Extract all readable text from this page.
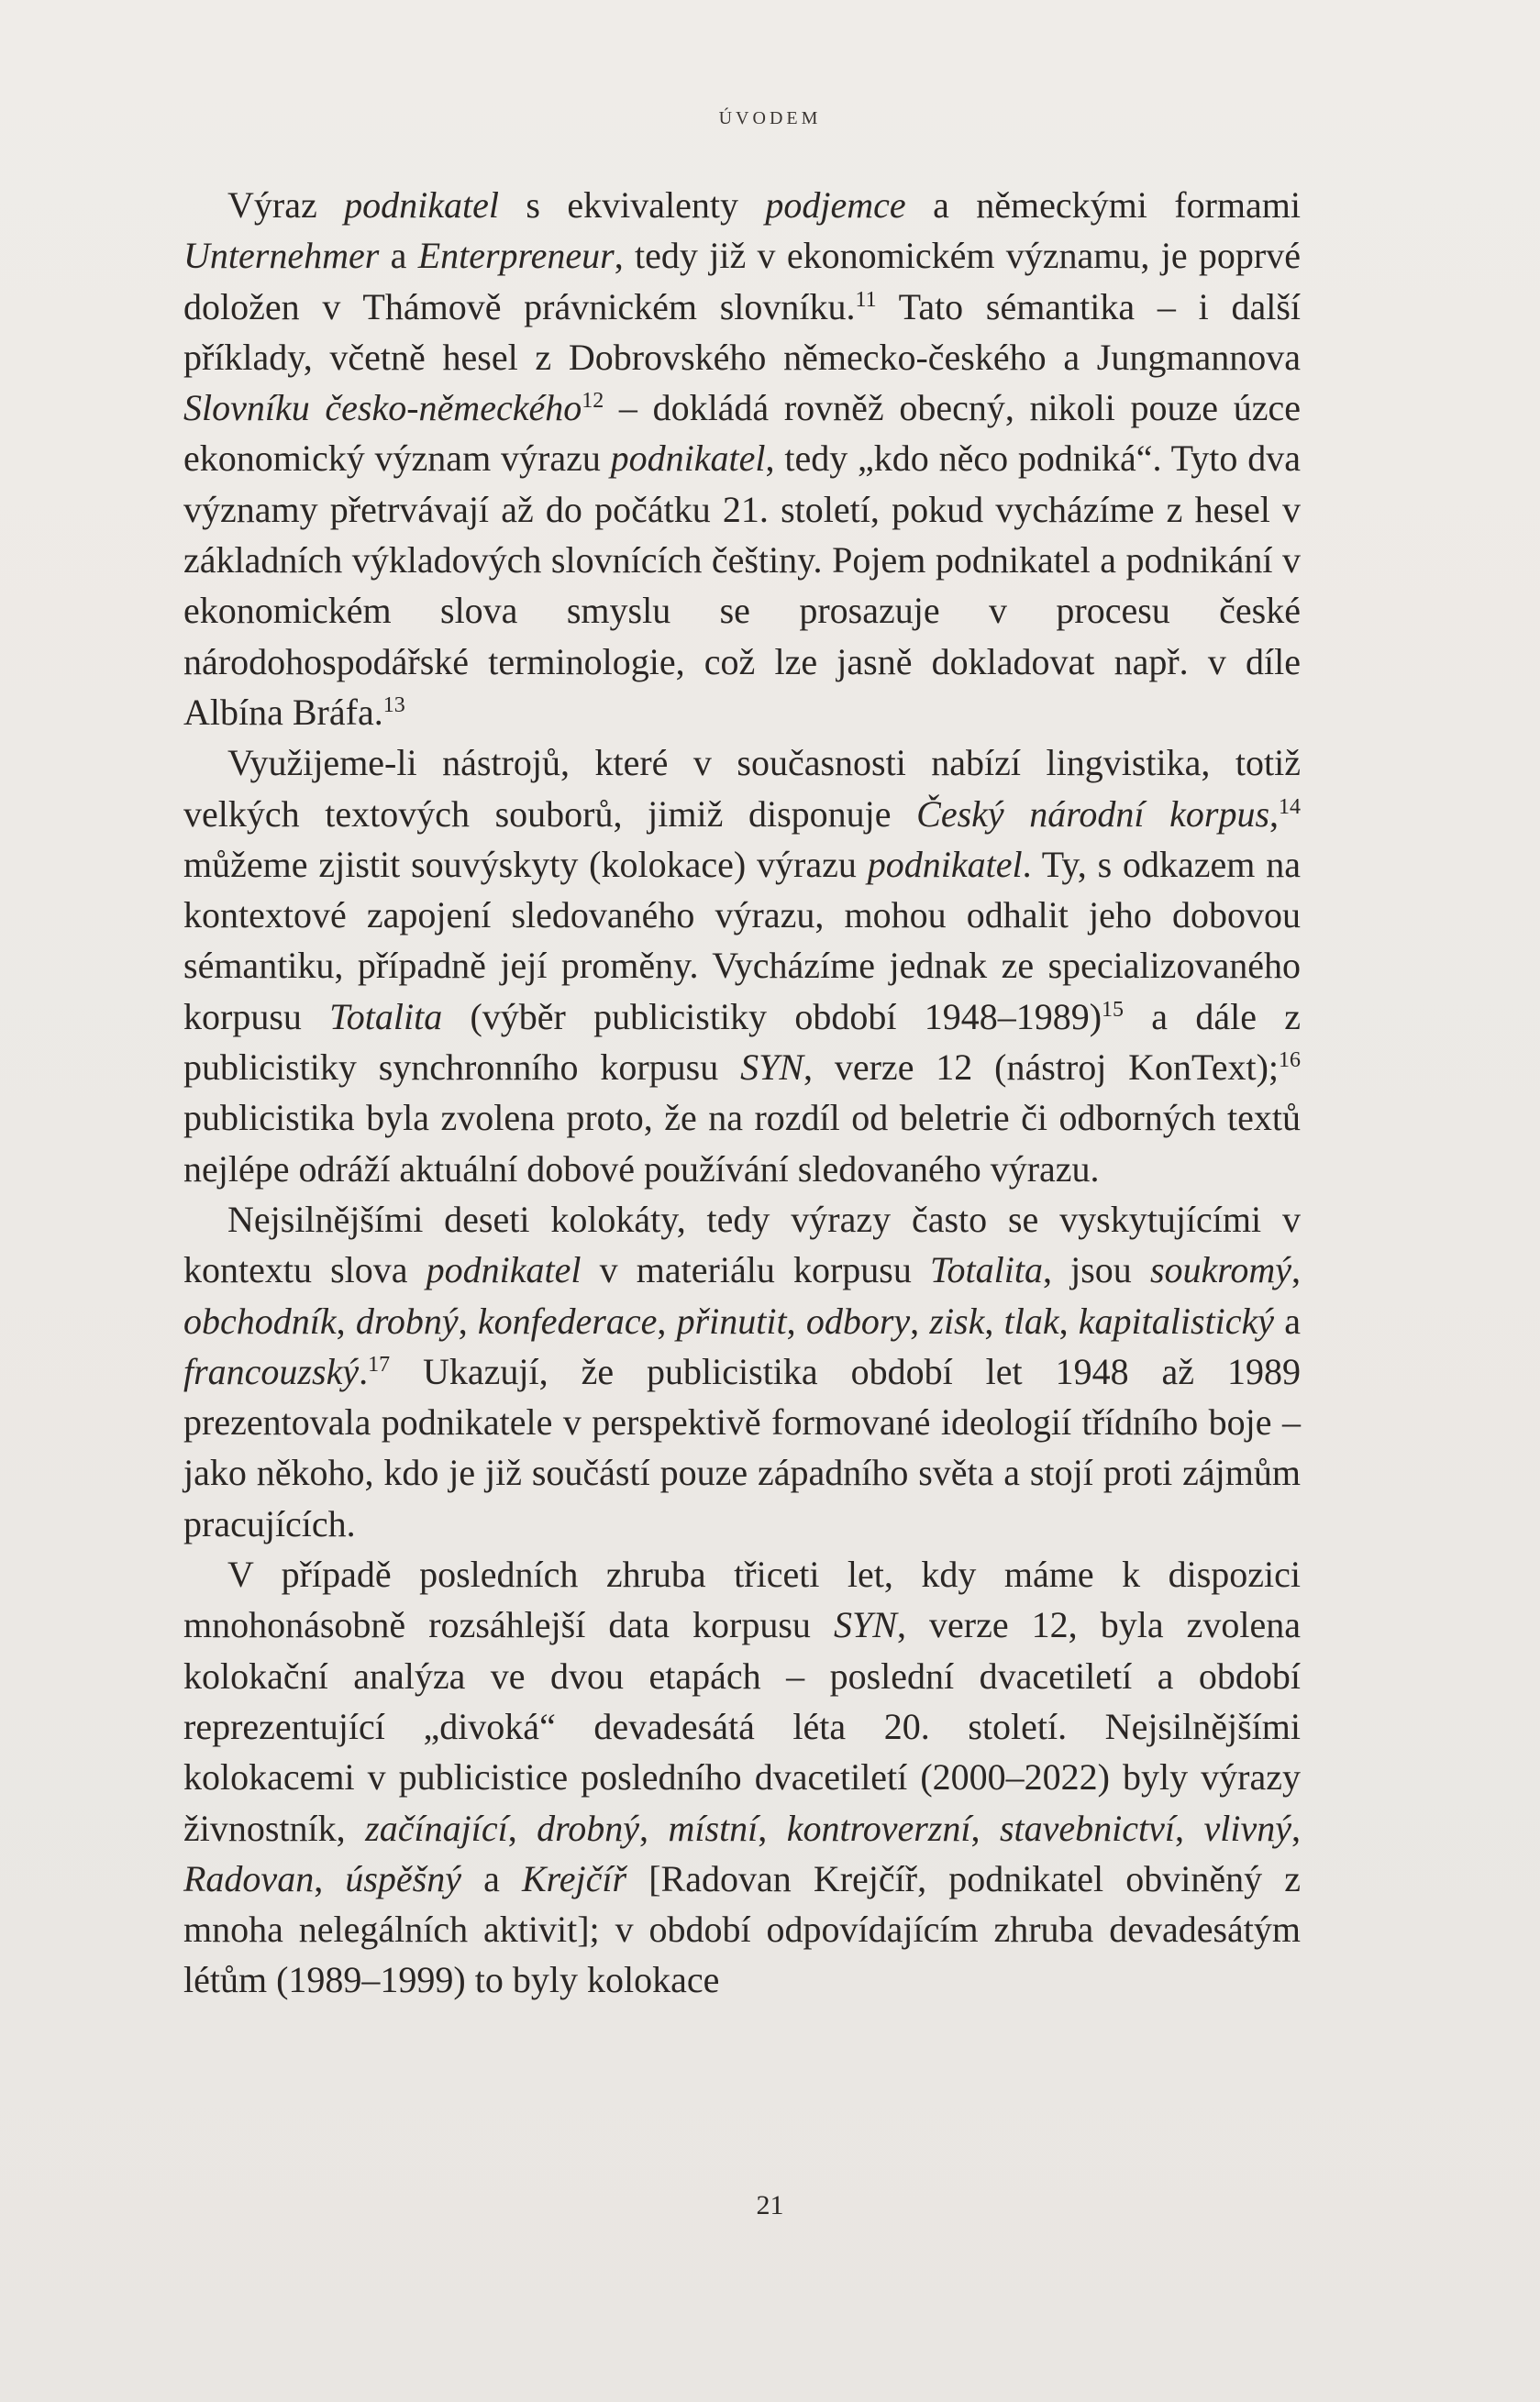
ÚVODEM

Výraz podnikatel s ekvivalenty podjemce a německými formami Unternehmer a Enterpreneur, tedy již v ekonomickém významu, je poprvé doložen v Thámově právnickém slovníku.$^{11}$ Tato sémantika – i další příklady, včetně hesel z Dobrovského německo-českého a Jungmannova Slovníku česko-německého$^{12}$ – dokládá rovněž obecný, nikoli pouze úzce ekonomický význam výrazu podnikatel, tedy „kdo něco podniká“. Tyto dva významy přetrvávají až do počátku 21. století, pokud vycházíme z hesel v základních výkladových slovnících češtiny. Pojem podnikatel a podnikání v ekonomickém slova smyslu se prosazuje v procesu české národohospodářské terminologie, což lze jasně dokladovat např. v díle Albína Bráfa.$^{13}$

Využijeme-li nástrojů, které v současnosti nabízí lingvistika, totiž velkých textových souborů, jimiž disponuje Český národní korpus,$^{14}$ můžeme zjistit souvýskyty (kolokace) výrazu podnikatel. Ty, s odkazem na kontextové zapojení sledovaného výrazu, mohou odhalit jeho dobovou sémantiku, případně její proměny. Vycházíme jednak ze specializovaného korpusu Totalita (výběr publicistiky období 1948–1989)$^{15}$ a dále z publicistiky synchronního korpusu SYN, verze 12 (nástroj KonText);$^{16}$ publicistika byla zvolena proto, že na rozdíl od beletrie či odborných textů nejlépe odráží aktuální dobové používání sledovaného výrazu.

Nejsilnějšími deseti kolokáty, tedy výrazy často se vyskytujícími v kontextu slova podnikatel v materiálu korpusu Totalita, jsou soukromý, obchodník, drobný, konfederace, přinutit, odbory, zisk, tlak, kapitalistický a francouzský.$^{17}$ Ukazují, že publicistika období let 1948 až 1989 prezentovala podnikatele v perspektivě formované ideologií třídního boje – jako někoho, kdo je již součástí pouze západního světa a stojí proti zájmům pracujících.

V případě posledních zhruba třiceti let, kdy máme k dispozici mnohonásobně rozsáhlejší data korpusu SYN, verze 12, byla zvolena kolokační analýza ve dvou etapách – poslední dvacetiletí a období reprezentující „divoká“ devadesátá léta 20. století. Nejsilnějšími kolokacemi v publicistice posledního dvacetiletí (2000–2022) byly výrazy živnostník, začínající, drobný, místní, kontroverzní, stavebnictví, vlivný, Radovan, úspěšný a Krejčíř [Radovan Krejčíř, podnikatel obviněný z mnoha nelegálních aktivit]; v období odpovídajícím zhruba devadesátým létům (1989–1999) to byly kolokace

21
